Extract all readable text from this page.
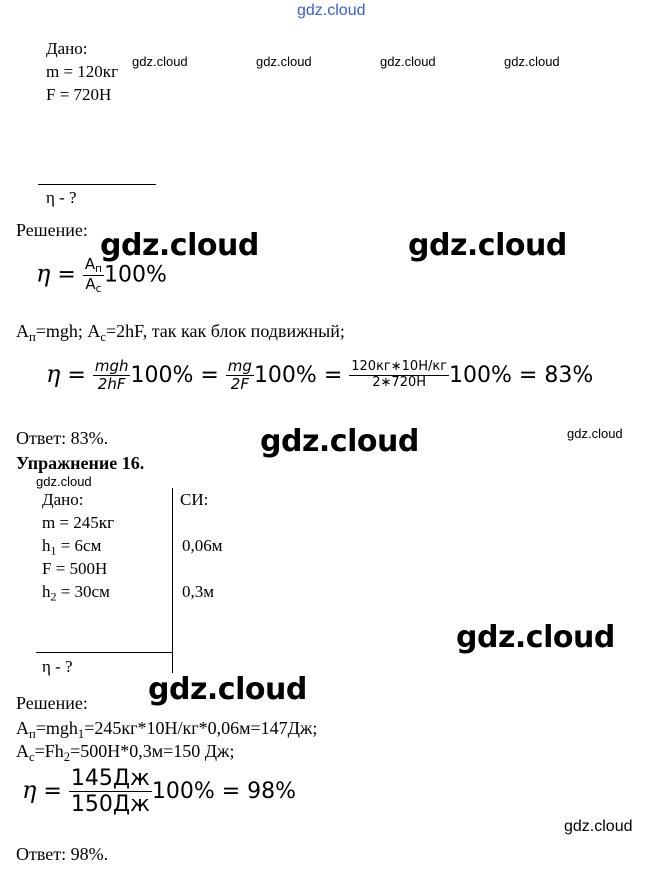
gdz.cloud
Дано:
m = 120кг
F = 720Н
gdz.cloud	gdz.cloud	gdz.cloud	gdz.cloud
η - ?
Решение: gdz.cloud	gdz.cloud
$\eta = \frac{А_п}{А_с} 100\%$
$А_п=mgh$; $А_с=2hF$, так как блок подвижный;
$\eta = \frac{\text{mgh}}{2hF} 100\% = \frac{mg}{2F} 100\% = \frac{120кг∗10Н/кг}{2∗720Н} 100\% = 83\%$
Ответ: 83%.	gdz.cloud	gdz.cloud
Упражнение 16.
gdz.cloud
Дано:	СИ:
m = 245кг
$h_1 = 6см$	0,06м
F = 500Н
$h_2 = 30см$	0,3м
η - ?
gdz.cloud
Решение: gdz.cloud
$А_п=mgh_1=245кг*10Н/кг*0,06м=147Дж$;
$А_с=Fh_2=500Н*0,3м=150$ Дж;
$\eta = \frac{145Дж}{150Дж} 100\% = 98\%$
gdz.cloud
Ответ: 98%.
